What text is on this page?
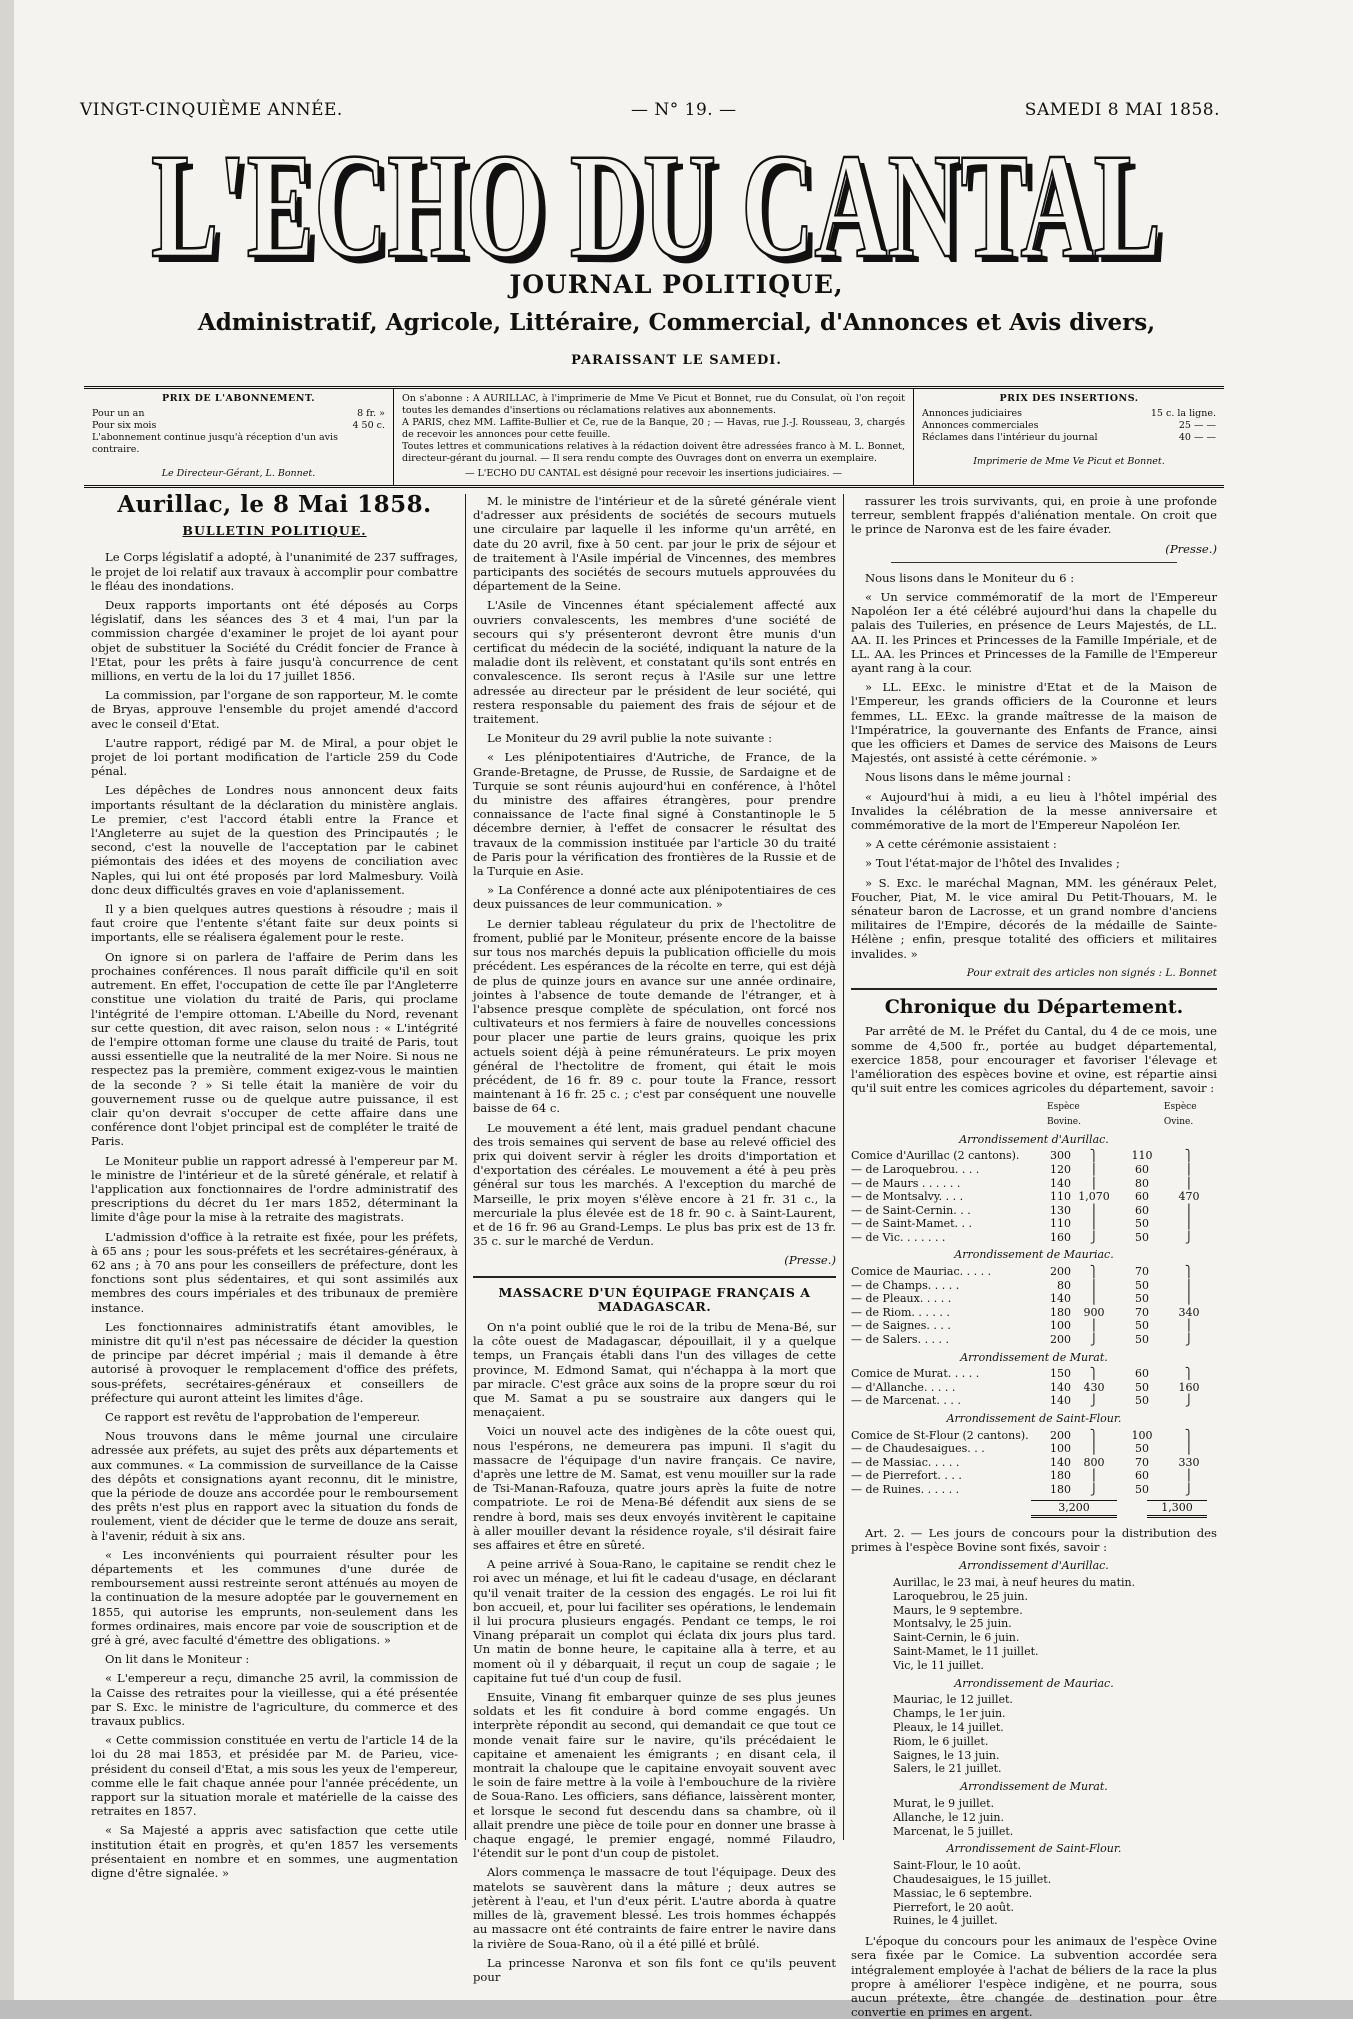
VINGT-CINQUIÈME ANNÉE.	— N° 19. —	SAMEDI 8 MAI 1858.
L'ECHO DU CANTAL
L'ECHO DU CANTAL
JOURNAL POLITIQUE,
Administratif, Agricole, Littéraire, Commercial, d'Annonces et Avis divers,
PARAISSANT LE SAMEDI.
PRIX DE L'ABONNEMENT.
Pour un an	8 fr. »
Pour six mois	4 50 c.
L'abonnement continue jusqu'à réception d'un avis contraire.
Le Directeur-Gérant, L. Bonnet.

On s'abonne : A AURILLAC, à l'imprimerie de Mme Ve Picut et Bonnet, rue du Consulat, où l'on reçoit toutes les demandes d'insertions ou réclamations relatives aux abonnements.

A PARIS, chez MM. Laffite-Bullier et Ce, rue de la Banque, 20 ; — Havas, rue J.-J. Rousseau, 3, chargés de recevoir les annonces pour cette feuille.

Toutes lettres et communications relatives à la rédaction doivent être adressées franco à M. L. Bonnet, directeur-gérant du journal. — Il sera rendu compte des Ouvrages dont on enverra un exemplaire.

— L'ECHO DU CANTAL est désigné pour recevoir les insertions judiciaires. —

PRIX DES INSERTIONS.
Annonces judiciaires	15 c. la ligne.
Annonces commerciales	25 — —
Réclames dans l'intérieur du journal	40 — —
Imprimerie de Mme Ve Picut et Bonnet.
Aurillac, le 8 Mai 1858.
BULLETIN POLITIQUE.

Le Corps législatif a adopté, à l'unanimité de 237 suffrages, le projet de loi relatif aux travaux à accomplir pour combattre le fléau des inondations.

Deux rapports importants ont été déposés au Corps législatif, dans les séances des 3 et 4 mai, l'un par la commission chargée d'examiner le projet de loi ayant pour objet de substituer la Société du Crédit foncier de France à l'Etat, pour les prêts à faire jusqu'à concurrence de cent millions, en vertu de la loi du 17 juillet 1856.

La commission, par l'organe de son rapporteur, M. le comte de Bryas, approuve l'ensemble du projet amendé d'accord avec le conseil d'Etat.

L'autre rapport, rédigé par M. de Miral, a pour objet le projet de loi portant modification de l'article 259 du Code pénal.

Les dépêches de Londres nous annoncent deux faits importants résultant de la déclaration du ministère anglais. Le premier, c'est l'accord établi entre la France et l'Angleterre au sujet de la question des Principautés ; le second, c'est la nouvelle de l'acceptation par le cabinet piémontais des idées et des moyens de conciliation avec Naples, qui lui ont été proposés par lord Malmesbury. Voilà donc deux difficultés graves en voie d'aplanissement.

Il y a bien quelques autres questions à résoudre ; mais il faut croire que l'entente s'étant faite sur deux points si importants, elle se réalisera également pour le reste.

On ignore si on parlera de l'affaire de Perim dans les prochaines conférences. Il nous paraît difficile qu'il en soit autrement. En effet, l'occupation de cette île par l'Angleterre constitue une violation du traité de Paris, qui proclame l'intégrité de l'empire ottoman. L'Abeille du Nord, revenant sur cette question, dit avec raison, selon nous : « L'intégrité de l'empire ottoman forme une clause du traité de Paris, tout aussi essentielle que la neutralité de la mer Noire. Si nous ne respectez pas la première, comment exigez-vous le maintien de la seconde ? » Si telle était la manière de voir du gouvernement russe ou de quelque autre puissance, il est clair qu'on devrait s'occuper de cette affaire dans une conférence dont l'objet principal est de compléter le traité de Paris.

Le Moniteur publie un rapport adressé à l'empereur par M. le ministre de l'intérieur et de la sûreté générale, et relatif à l'application aux fonctionnaires de l'ordre administratif des prescriptions du décret du 1er mars 1852, déterminant la limite d'âge pour la mise à la retraite des magistrats.

L'admission d'office à la retraite est fixée, pour les préfets, à 65 ans ; pour les sous-préfets et les secrétaires-généraux, à 62 ans ; à 70 ans pour les conseillers de préfecture, dont les fonctions sont plus sédentaires, et qui sont assimilés aux membres des cours impériales et des tribunaux de première instance.

Les fonctionnaires administratifs étant amovibles, le ministre dit qu'il n'est pas nécessaire de décider la question de principe par décret impérial ; mais il demande à être autorisé à provoquer le remplacement d'office des préfets, sous-préfets, secrétaires-généraux et conseillers de préfecture qui auront atteint les limites d'âge.

Ce rapport est revêtu de l'approbation de l'empereur.

Nous trouvons dans le même journal une circulaire adressée aux préfets, au sujet des prêts aux départements et aux communes. « La commission de surveillance de la Caisse des dépôts et consignations ayant reconnu, dit le ministre, que la période de douze ans accordée pour le remboursement des prêts n'est plus en rapport avec la situation du fonds de roulement, vient de décider que le terme de douze ans serait, à l'avenir, réduit à six ans.

« Les inconvénients qui pourraient résulter pour les départements et les communes d'une durée de remboursement aussi restreinte seront atténués au moyen de la continuation de la mesure adoptée par le gouvernement en 1855, qui autorise les emprunts, non-seulement dans les formes ordinaires, mais encore par voie de souscription et de gré à gré, avec faculté d'émettre des obligations. »

On lit dans le Moniteur :

« L'empereur a reçu, dimanche 25 avril, la commission de la Caisse des retraites pour la vieillesse, qui a été présentée par S. Exc. le ministre de l'agriculture, du commerce et des travaux publics.

« Cette commission constituée en vertu de l'article 14 de la loi du 28 mai 1853, et présidée par M. de Parieu, vice-président du conseil d'Etat, a mis sous les yeux de l'empereur, comme elle le fait chaque année pour l'année précédente, un rapport sur la situation morale et matérielle de la caisse des retraites en 1857.

« Sa Majesté a appris avec satisfaction que cette utile institution était en progrès, et qu'en 1857 les versements présentaient en nombre et en sommes, une augmentation digne d'être signalée. »

M. le ministre de l'intérieur et de la sûreté générale vient d'adresser aux présidents de sociétés de secours mutuels une circulaire par laquelle il les informe qu'un arrêté, en date du 20 avril, fixe à 50 cent. par jour le prix de séjour et de traitement à l'Asile impérial de Vincennes, des membres participants des sociétés de secours mutuels approuvées du département de la Seine.

L'Asile de Vincennes étant spécialement affecté aux ouvriers convalescents, les membres d'une société de secours qui s'y présenteront devront être munis d'un certificat du médecin de la société, indiquant la nature de la maladie dont ils relèvent, et constatant qu'ils sont entrés en convalescence. Ils seront reçus à l'Asile sur une lettre adressée au directeur par le président de leur société, qui restera responsable du paiement des frais de séjour et de traitement.

Le Moniteur du 29 avril publie la note suivante :

« Les plénipotentiaires d'Autriche, de France, de la Grande-Bretagne, de Prusse, de Russie, de Sardaigne et de Turquie se sont réunis aujourd'hui en conférence, à l'hôtel du ministre des affaires étrangères, pour prendre connaissance de l'acte final signé à Constantinople le 5 décembre dernier, à l'effet de consacrer le résultat des travaux de la commission instituée par l'article 30 du traité de Paris pour la vérification des frontières de la Russie et de la Turquie en Asie.

» La Conférence a donné acte aux plénipotentiaires de ces deux puissances de leur communication. »

Le dernier tableau régulateur du prix de l'hectolitre de froment, publié par le Moniteur, présente encore de la baisse sur tous nos marchés depuis la publication officielle du mois précédent. Les espérances de la récolte en terre, qui est déjà de plus de quinze jours en avance sur une année ordinaire, jointes à l'absence de toute demande de l'étranger, et à l'absence presque complète de spéculation, ont forcé nos cultivateurs et nos fermiers à faire de nouvelles concessions pour placer une partie de leurs grains, quoique les prix actuels soient déjà à peine rémunérateurs. Le prix moyen général de l'hectolitre de froment, qui était le mois précédent, de 16 fr. 89 c. pour toute la France, ressort maintenant à 16 fr. 25 c. ; c'est par conséquent une nouvelle baisse de 64 c.

Le mouvement a été lent, mais graduel pendant chacune des trois semaines qui servent de base au relevé officiel des prix qui doivent servir à régler les droits d'importation et d'exportation des céréales. Le mouvement a été à peu près général sur tous les marchés. A l'exception du marché de Marseille, le prix moyen s'élève encore à 21 fr. 31 c., la mercuriale la plus élevée est de 18 fr. 90 c. à Saint-Laurent, et de 16 fr. 96 au Grand-Lemps. Le plus bas prix est de 13 fr. 35 c. sur le marché de Verdun.

(Presse.)
MASSACRE D'UN ÉQUIPAGE FRANÇAIS A MADAGASCAR.

On n'a point oublié que le roi de la tribu de Mena-Bé, sur la côte ouest de Madagascar, dépouillait, il y a quelque temps, un Français établi dans l'un des villages de cette province, M. Edmond Samat, qui n'échappa à la mort que par miracle. C'est grâce aux soins de la propre sœur du roi que M. Samat a pu se soustraire aux dangers qui le menaçaient.

Voici un nouvel acte des indigènes de la côte ouest qui, nous l'espérons, ne demeurera pas impuni. Il s'agit du massacre de l'équipage d'un navire français. Ce navire, d'après une lettre de M. Samat, est venu mouiller sur la rade de Tsi-Manan-Rafouza, quatre jours après la fuite de notre compatriote. Le roi de Mena-Bé défendit aux siens de se rendre à bord, mais ses deux envoyés invitèrent le capitaine à aller mouiller devant la résidence royale, s'il désirait faire ses affaires et être en sûreté.

A peine arrivé à Soua-Rano, le capitaine se rendit chez le roi avec un ménage, et lui fit le cadeau d'usage, en déclarant qu'il venait traiter de la cession des engagés. Le roi lui fit bon accueil, et, pour lui faciliter ses opérations, le lendemain il lui procura plusieurs engagés. Pendant ce temps, le roi Vinang préparait un complot qui éclata dix jours plus tard. Un matin de bonne heure, le capitaine alla à terre, et au moment où il y débarquait, il reçut un coup de sagaie ; le capitaine fut tué d'un coup de fusil.

Ensuite, Vinang fit embarquer quinze de ses plus jeunes soldats et les fit conduire à bord comme engagés. Un interprète répondit au second, qui demandait ce que tout ce monde venait faire sur le navire, qu'ils précédaient le capitaine et amenaient les émigrants ; en disant cela, il montrait la chaloupe que le capitaine envoyait souvent avec le soin de faire mettre à la voile à l'embouchure de la rivière de Soua-Rano. Les officiers, sans défiance, laissèrent monter, et lorsque le second fut descendu dans sa chambre, où il allait prendre une pièce de toile pour en donner une brasse à chaque engagé, le premier engagé, nommé Filaudro, l'étendit sur le pont d'un coup de pistolet.

Alors commença le massacre de tout l'équipage. Deux des matelots se sauvèrent dans la mâture ; deux autres se jetèrent à l'eau, et l'un d'eux périt. L'autre aborda à quatre milles de là, gravement blessé. Les trois hommes échappés au massacre ont été contraints de faire entrer le navire dans la rivière de Soua-Rano, où il a été pillé et brûlé.

La princesse Naronva et son fils font ce qu'ils peuvent pour

rassurer les trois survivants, qui, en proie à une profonde terreur, semblent frappés d'aliénation mentale. On croit que le prince de Naronva est de les faire évader.

(Presse.)

Nous lisons dans le Moniteur du 6 :

« Un service commémoratif de la mort de l'Empereur Napoléon Ier a été célébré aujourd'hui dans la chapelle du palais des Tuileries, en présence de Leurs Majestés, de LL. AA. II. les Princes et Princesses de la Famille Impériale, et de LL. AA. les Princes et Princesses de la Famille de l'Empereur ayant rang à la cour.

» LL. EExc. le ministre d'Etat et de la Maison de l'Empereur, les grands officiers de la Couronne et leurs femmes, LL. EExc. la grande maîtresse de la maison de l'Impératrice, la gouvernante des Enfants de France, ainsi que les officiers et Dames de service des Maisons de Leurs Majestés, ont assisté à cette cérémonie. »

Nous lisons dans le même journal :

« Aujourd'hui à midi, a eu lieu à l'hôtel impérial des Invalides la célébration de la messe anniversaire et commémorative de la mort de l'Empereur Napoléon Ier.

» A cette cérémonie assistaient :

» Tout l'état-major de l'hôtel des Invalides ;

» S. Exc. le maréchal Magnan, MM. les généraux Pelet, Foucher, Piat, M. le vice amiral Du Petit-Thouars, M. le sénateur baron de Lacrosse, et un grand nombre d'anciens militaires de l'Empire, décorés de la médaille de Sainte-Hélène ; enfin, presque totalité des officiers et militaires invalides. »

Pour extrait des articles non signés : L. Bonnet
Chronique du Département.

Par arrêté de M. le Préfet du Cantal, du 4 de ce mois, une somme de 4,500 fr., portée au budget départemental, exercice 1858, pour encourager et favoriser l'élevage et l'amélioration des espèces bovine et ovine, est répartie ainsi qu'il suit entre les comices agricoles du département, savoir :

Espèce Bovine.
Espèce Ovine.
Arrondissement d'Aurillac.
Comice d'Aurillac (2 cantons).	300	⎫	110	⎫
— de Laroquebrou. . . .	120	⎪	60	⎪
— de Maurs . . . . . .	140	⎪	80	⎪
— de Montsalvy. . . .	110 1,070	60	470
— de Saint-Cernin. . .	130	⎪	60	⎪
— de Saint-Mamet. . .	110	⎪	50	⎪
— de Vic. . . . . . .	160	⎭	50	⎭
Arrondissement de Mauriac.
Comice de Mauriac. . . . .	200	⎫	70	⎫
— de Champs. . . . .	80	⎪	50	⎪
— de Pleaux. . . . .	140	⎪	50	⎪
— de Riom. . . . . .	180	900	70	340
— de Saignes. . . .	100	⎪	50	⎪
— de Salers. . . . .	200	⎭	50	⎭
Arrondissement de Murat.
Comice de Murat. . . . .	150	⎫	60	⎫
— d'Allanche. . . . .	140	430	50	160
— de Marcenat. . . .	140	⎭	50	⎭
Arrondissement de Saint-Flour.
Comice de St-Flour (2 cantons).	200	⎫	100	⎫
— de Chaudesaigues. . .	100	⎪	50	⎪
— de Massiac. . . . .	140	800	70	330
— de Pierrefort. . . .	180	⎪	60	⎪
— de Ruines. . . . . .	180	⎭	50	⎭
3,200	1,300

Art. 2. — Les jours de concours pour la distribution des primes à l'espèce Bovine sont fixés, savoir :

Arrondissement d'Aurillac.
Aurillac, le 23 mai, à neuf heures du matin.
Laroquebrou, le 25 juin.
Maurs, le 9 septembre.
Montsalvy, le 25 juin.
Saint-Cernin, le 6 juin.
Saint-Mamet, le 11 juillet.
Vic, le 11 juillet.
Arrondissement de Mauriac.
Mauriac, le 12 juillet.
Champs, le 1er juin.
Pleaux, le 14 juillet.
Riom, le 6 juillet.
Saignes, le 13 juin.
Salers, le 21 juillet.
Arrondissement de Murat.
Murat, le 9 juillet.
Allanche, le 12 juin.
Marcenat, le 5 juillet.
Arrondissement de Saint-Flour.
Saint-Flour, le 10 août.
Chaudesaigues, le 15 juillet.
Massiac, le 6 septembre.
Pierrefort, le 20 août.
Ruines, le 4 juillet.

L'époque du concours pour les animaux de l'espèce Ovine sera fixée par le Comice. La subvention accordée sera intégralement employée à l'achat de béliers de la race la plus propre à améliorer l'espèce indigène, et ne pourra, sous aucun prétexte, être changée de destination pour être convertie en primes en argent.
